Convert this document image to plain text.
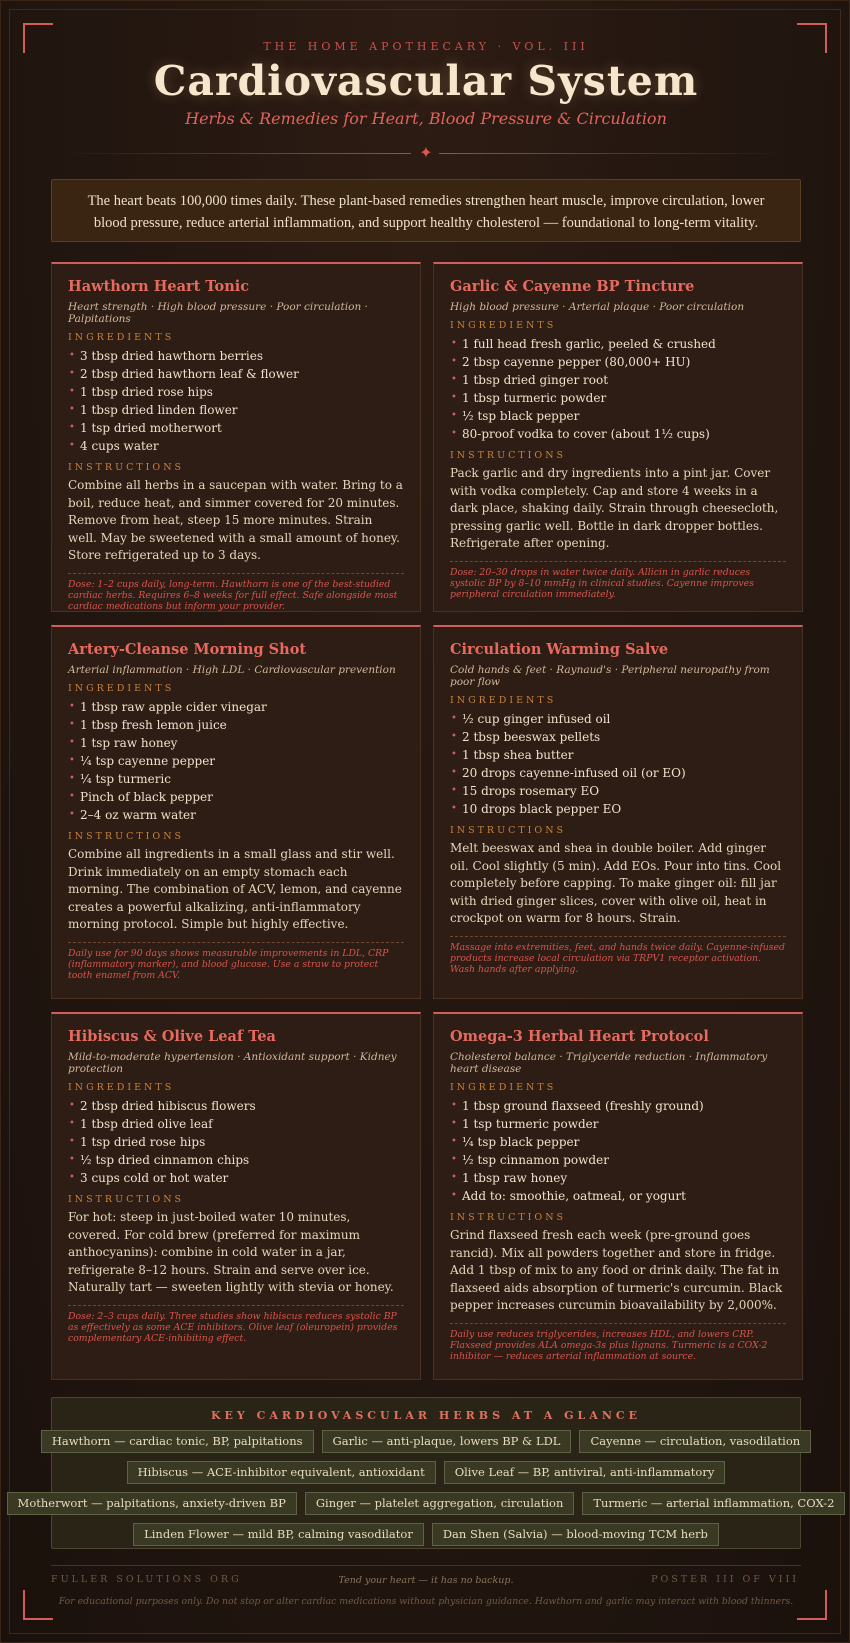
THE HOME APOTHECARY · VOL. III
Cardiovascular System
Herbs & Remedies for Heart, Blood Pressure & Circulation
✦
The heart beats 100,000 times daily. These plant-based remedies strengthen heart muscle, improve circulation, lower blood pressure, reduce arterial inflammation, and support healthy cholesterol — foundational to long-term vitality.
Hawthorn Heart Tonic
Heart strength · High blood pressure · Poor circulation · Palpitations
INGREDIENTS
• 3 tbsp dried hawthorn berries
• 2 tbsp dried hawthorn leaf & flower
• 1 tbsp dried rose hips
• 1 tbsp dried linden flower
• 1 tsp dried motherwort
• 4 cups water
INSTRUCTIONS
Combine all herbs in a saucepan with water. Bring to a boil, reduce heat, and simmer covered for 20 minutes. Remove from heat, steep 15 more minutes. Strain well. May be sweetened with a small amount of honey. Store refrigerated up to 3 days.
Dose: 1–2 cups daily, long-term. Hawthorn is one of the best-studied cardiac herbs. Requires 6–8 weeks for full effect. Safe alongside most cardiac medications but inform your provider.
Garlic & Cayenne BP Tincture
High blood pressure · Arterial plaque · Poor circulation
INGREDIENTS
• 1 full head fresh garlic, peeled & crushed
• 2 tbsp cayenne pepper (80,000+ HU)
• 1 tbsp dried ginger root
• 1 tbsp turmeric powder
• ½ tsp black pepper
• 80-proof vodka to cover (about 1½ cups)
INSTRUCTIONS
Pack garlic and dry ingredients into a pint jar. Cover with vodka completely. Cap and store 4 weeks in a dark place, shaking daily. Strain through cheesecloth, pressing garlic well. Bottle in dark dropper bottles. Refrigerate after opening.
Dose: 20–30 drops in water twice daily. Allicin in garlic reduces systolic BP by 8–10 mmHg in clinical studies. Cayenne improves peripheral circulation immediately.
Artery-Cleanse Morning Shot
Arterial inflammation · High LDL · Cardiovascular prevention
INGREDIENTS
• 1 tbsp raw apple cider vinegar
• 1 tbsp fresh lemon juice
• 1 tsp raw honey
• ¼ tsp cayenne pepper
• ¼ tsp turmeric
• Pinch of black pepper
• 2–4 oz warm water
INSTRUCTIONS
Combine all ingredients in a small glass and stir well. Drink immediately on an empty stomach each morning. The combination of ACV, lemon, and cayenne creates a powerful alkalizing, anti-inflammatory morning protocol. Simple but highly effective.
Daily use for 90 days shows measurable improvements in LDL, CRP (inflammatory marker), and blood glucose. Use a straw to protect tooth enamel from ACV.
Circulation Warming Salve
Cold hands & feet · Raynaud's · Peripheral neuropathy from poor flow
INGREDIENTS
• ½ cup ginger infused oil
• 2 tbsp beeswax pellets
• 1 tbsp shea butter
• 20 drops cayenne-infused oil (or EO)
• 15 drops rosemary EO
• 10 drops black pepper EO
INSTRUCTIONS
Melt beeswax and shea in double boiler. Add ginger oil. Cool slightly (5 min). Add EOs. Pour into tins. Cool completely before capping. To make ginger oil: fill jar with dried ginger slices, cover with olive oil, heat in crockpot on warm for 8 hours. Strain.
Massage into extremities, feet, and hands twice daily. Cayenne-infused products increase local circulation via TRPV1 receptor activation. Wash hands after applying.
Hibiscus & Olive Leaf Tea
Mild-to-moderate hypertension · Antioxidant support · Kidney protection
INGREDIENTS
• 2 tbsp dried hibiscus flowers
• 1 tbsp dried olive leaf
• 1 tsp dried rose hips
• ½ tsp dried cinnamon chips
• 3 cups cold or hot water
INSTRUCTIONS
For hot: steep in just-boiled water 10 minutes, covered. For cold brew (preferred for maximum anthocyanins): combine in cold water in a jar, refrigerate 8–12 hours. Strain and serve over ice. Naturally tart — sweeten lightly with stevia or honey.
Dose: 2–3 cups daily. Three studies show hibiscus reduces systolic BP as effectively as some ACE inhibitors. Olive leaf (oleuropein) provides complementary ACE-inhibiting effect.
Omega-3 Herbal Heart Protocol
Cholesterol balance · Triglyceride reduction · Inflammatory heart disease
INGREDIENTS
• 1 tbsp ground flaxseed (freshly ground)
• 1 tsp turmeric powder
• ¼ tsp black pepper
• ½ tsp cinnamon powder
• 1 tbsp raw honey
• Add to: smoothie, oatmeal, or yogurt
INSTRUCTIONS
Grind flaxseed fresh each week (pre-ground goes rancid). Mix all powders together and store in fridge. Add 1 tbsp of mix to any food or drink daily. The fat in flaxseed aids absorption of turmeric's curcumin. Black pepper increases curcumin bioavailability by 2,000%.
Daily use reduces triglycerides, increases HDL, and lowers CRP. Flaxseed provides ALA omega-3s plus lignans. Turmeric is a COX-2 inhibitor — reduces arterial inflammation at source.
KEY CARDIOVASCULAR HERBS AT A GLANCE
Hawthorn — cardiac tonic, BP, palpitations	Garlic — anti-plaque, lowers BP & LDL	Cayenne — circulation, vasodilation
Hibiscus — ACE-inhibitor equivalent, antioxidant	Olive Leaf — BP, antiviral, anti-inflammatory
Motherwort — palpitations, anxiety-driven BP	Ginger — platelet aggregation, circulation	Turmeric — arterial inflammation, COX-2
Linden Flower — mild BP, calming vasodilator	Dan Shen (Salvia) — blood-moving TCM herb
FULLER SOLUTIONS ORG	Tend your heart — it has no backup.	POSTER III OF VIII
For educational purposes only. Do not stop or alter cardiac medications without physician guidance. Hawthorn and garlic may interact with blood thinners.
